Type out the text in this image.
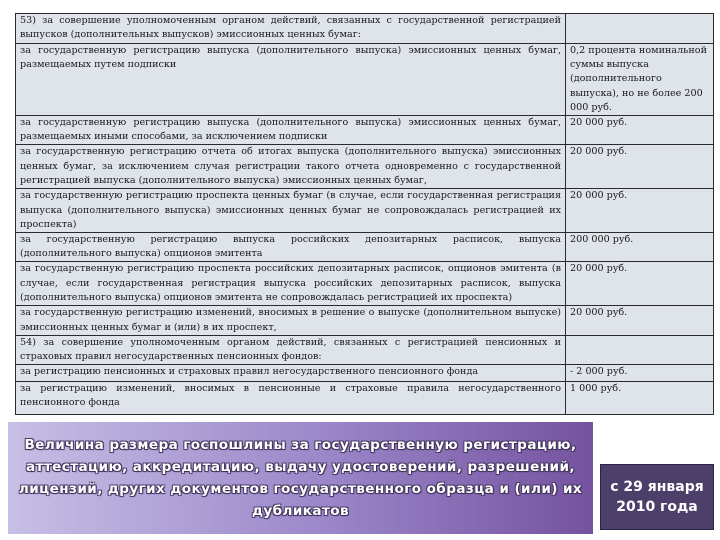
53) за совершение уполномоченным органом действий, связанных с государственной регистрацией выпусков (дополнительных выпусков) эмиссионных ценных бумаг:	
за государственную регистрацию выпуска (дополнительного выпуска) эмиссионных ценных бумаг, размещаемых путем подписки	0,2 процента номинальной суммы выпуска (дополнительного выпуска), но не более 200 000 руб.
за государственную регистрацию выпуска (дополнительного выпуска) эмиссионных ценных бумаг, размещаемых иными способами, за исключением подписки	20 000 руб.
за государственную регистрацию отчета об итогах выпуска (дополнительного выпуска) эмиссионных ценных бумаг, за исключением случая регистрации такого отчета одновременно с государственной регистрацией выпуска (дополнительного выпуска) эмиссионных ценных бумаг,	20 000 руб.
за государственную регистрацию проспекта ценных бумаг (в случае, если государственная регистрация выпуска (дополнительного выпуска) эмиссионных ценных бумаг не сопровождалась регистрацией их проспекта)	20 000 руб.
за государственную регистрацию выпуска российских депозитарных расписок, выпуска (дополнительного выпуска) опционов эмитента	200 000 руб.
за государственную регистрацию проспекта российских депозитарных расписок, опционов эмитента (в случае, если государственная регистрация выпуска российских депозитарных расписок, выпуска (дополнительного выпуска) опционов эмитента не сопровождалась регистрацией их проспекта)	20 000 руб.
за государственную регистрацию изменений, вносимых в решение о выпуске (дополнительном выпуске) эмиссионных ценных бумаг и (или) в их проспект,	20 000 руб.
54) за совершение уполномоченным органом действий, связанных с регистрацией пенсионных и страховых правил негосударственных пенсионных фондов:	
за регистрацию пенсионных и страховых правил негосударственного пенсионного фонда	- 2 000 руб.
за регистрацию изменений, вносимых в пенсионные и страховые правила негосударственного пенсионного фонда	1 000 руб.
Величина размера госпошлины за государственную регистрацию, аттестацию, аккредитацию, выдачу удостоверений, разрешений, лицензий, других документов государственного образца и (или) их дубликатов
с 29 января
2010 года
